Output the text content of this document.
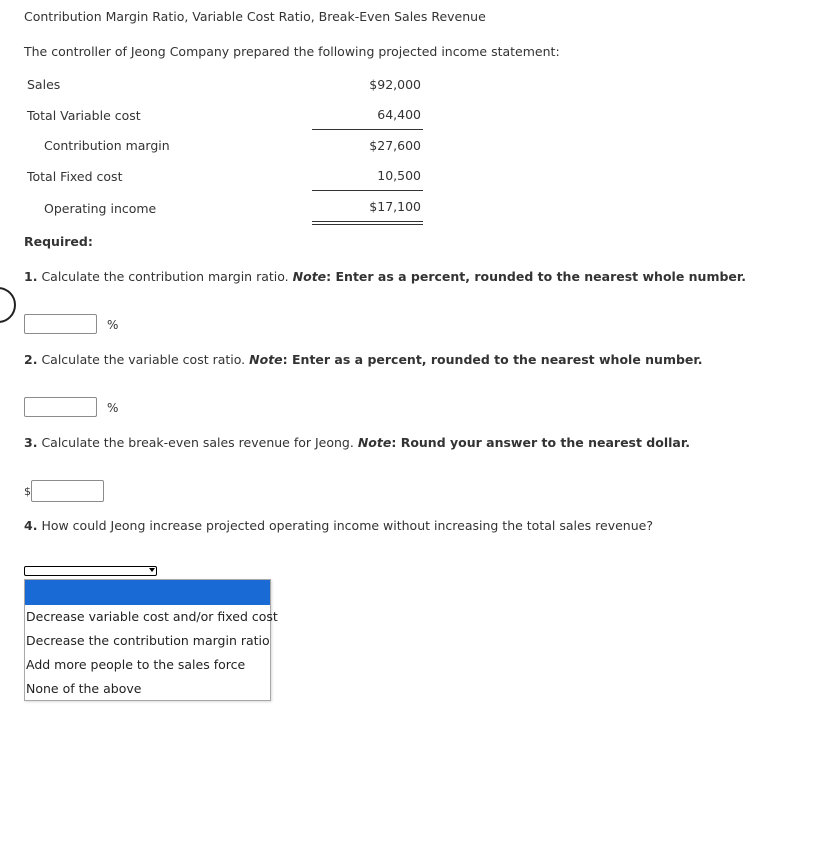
Contribution Margin Ratio, Variable Cost Ratio, Break-Even Sales Revenue
The controller of Jeong Company prepared the following projected income statement:
Sales	$92,000
Total Variable cost	64,400
Contribution margin	$27,600
Total Fixed cost	10,500
Operating income	$17,100
Required:
1. Calculate the contribution margin ratio. Note: Enter as a percent, rounded to the nearest whole number.
%
2. Calculate the variable cost ratio. Note: Enter as a percent, rounded to the nearest whole number.
%
3. Calculate the break-even sales revenue for Jeong. Note: Round your answer to the nearest dollar.
$
4. How could Jeong increase projected operating income without increasing the total sales revenue?
Decrease variable cost and/or fixed cost
Decrease the contribution margin ratio
Add more people to the sales force
None of the above
